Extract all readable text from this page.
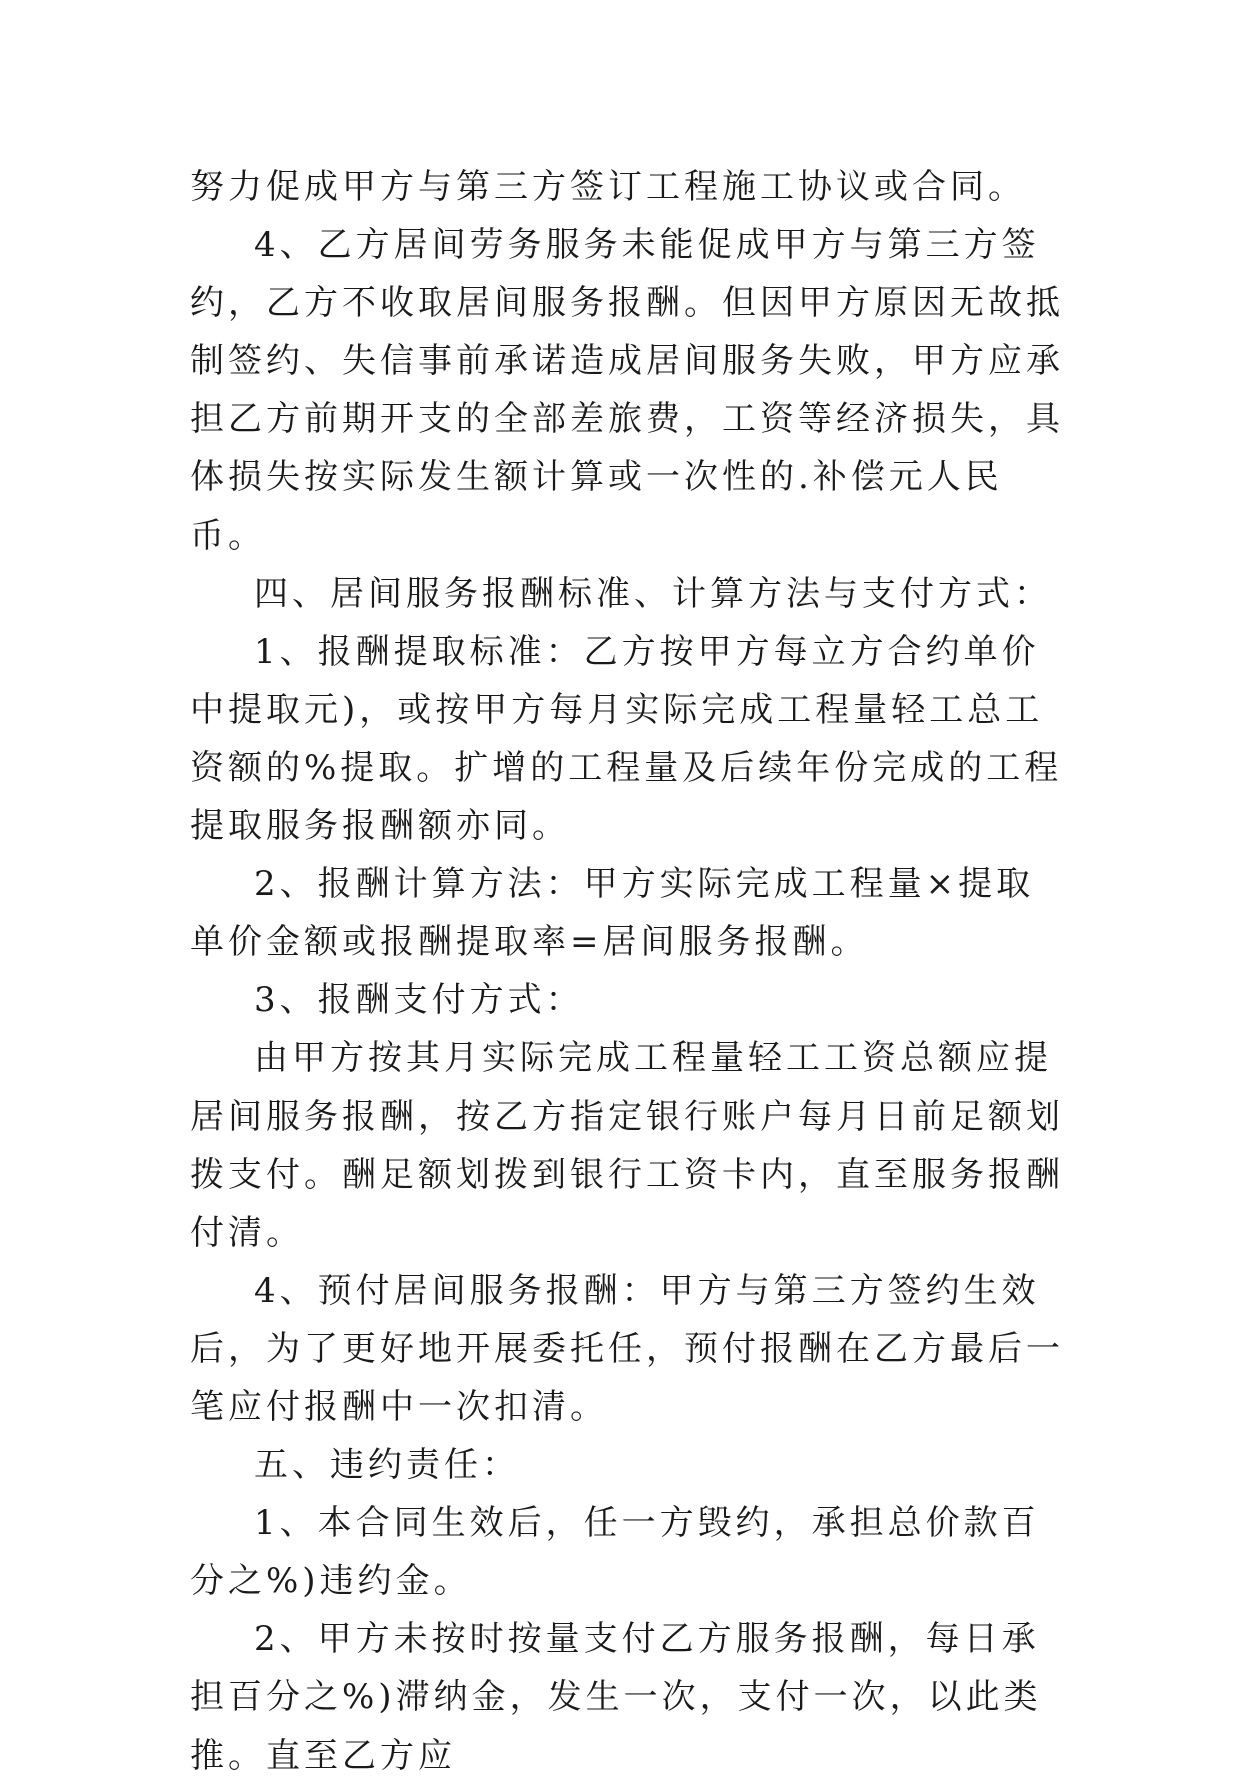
努力促成甲方与第三方签订工程施工协议或合同。

4、乙方居间劳务服务未能促成甲方与第三方签约，乙方不收取居间服务报酬。但因甲方原因无故抵制签约、失信事前承诺造成居间服务失败，甲方应承担乙方前期开支的全部差旅费，工资等经济损失，具体损失按实际发生额计算或一次性的.补偿元人民币。

四、居间服务报酬标准、计算方法与支付方式：

1、报酬提取标准：乙方按甲方每立方合约单价中提取元)，或按甲方每月实际完成工程量轻工总工资额的%提取。扩增的工程量及后续年份完成的工程提取服务报酬额亦同。

2、报酬计算方法：甲方实际完成工程量×提取单价金额或报酬提取率=居间服务报酬。

3、报酬支付方式：

由甲方按其月实际完成工程量轻工工资总额应提居间服务报酬，按乙方指定银行账户每月日前足额划拨支付。酬足额划拨到银行工资卡内，直至服务报酬付清。

4、预付居间服务报酬：甲方与第三方签约生效后，为了更好地开展委托任，预付报酬在乙方最后一笔应付报酬中一次扣清。

五、违约责任：

1、本合同生效后，任一方毁约，承担总价款百分之%)违约金。

2、甲方未按时按量支付乙方服务报酬，每日承担百分之%)滞纳金，发生一次，支付一次，以此类推。直至乙方应
